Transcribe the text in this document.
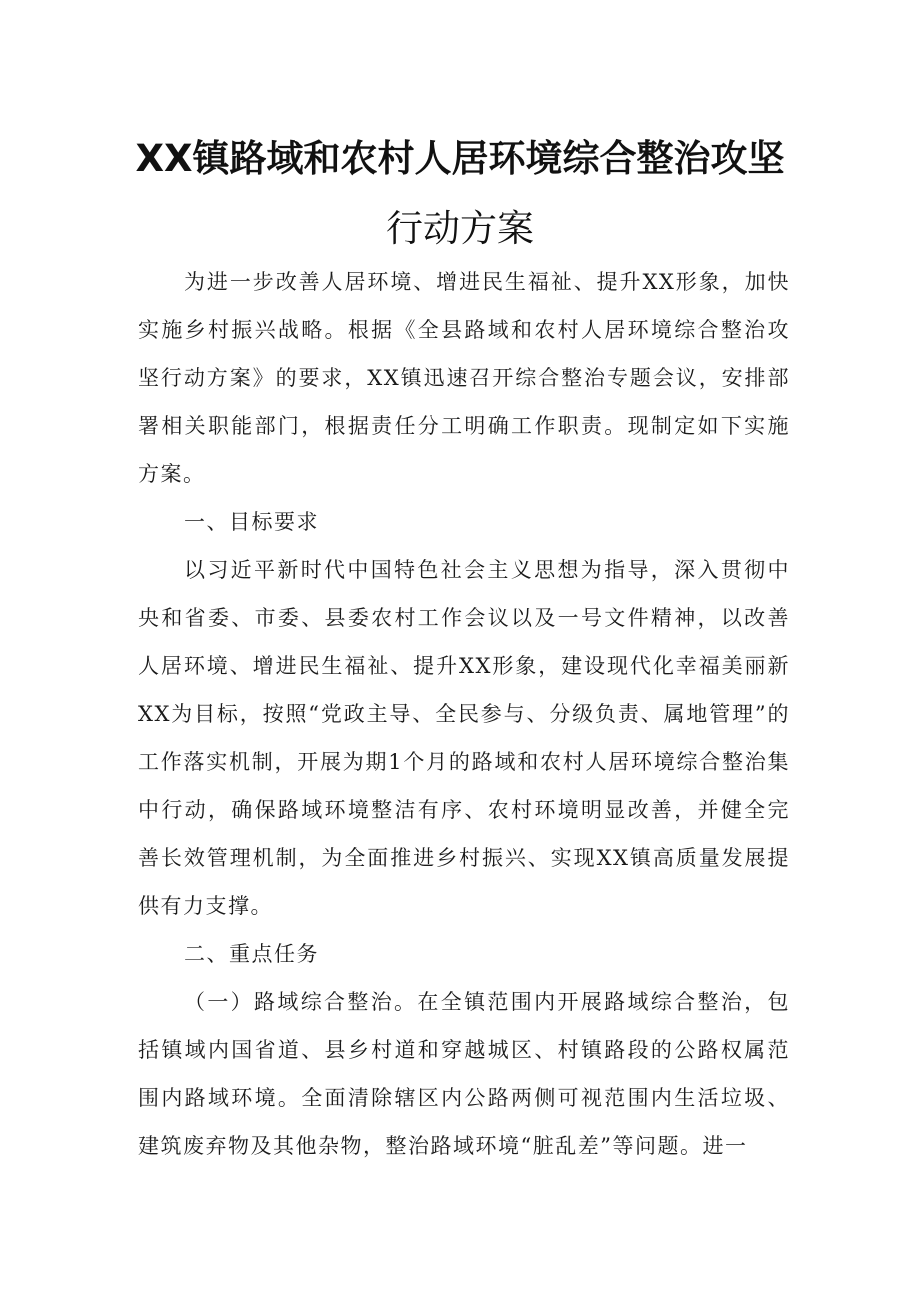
XX镇路域和农村人居环境综合整治攻坚
行动方案

为进一步改善人居环境、增进民生福祉、提升XX形象，加快实施乡村振兴战略。根据《全县路域和农村人居环境综合整治攻坚行动方案》的要求，XX镇迅速召开综合整治专题会议，安排部署相关职能部门，根据责任分工明确工作职责。现制定如下实施方案。

一、目标要求

以习近平新时代中国特色社会主义思想为指导，深入贯彻中央和省委、市委、县委农村工作会议以及一号文件精神，以改善人居环境、增进民生福祉、提升XX形象，建设现代化幸福美丽新XX为目标，按照“党政主导、全民参与、分级负责、属地管理”的工作落实机制，开展为期1个月的路域和农村人居环境综合整治集中行动，确保路域环境整洁有序、农村环境明显改善，并健全完善长效管理机制，为全面推进乡村振兴、实现XX镇高质量发展提供有力支撑。

二、重点任务

（一）路域综合整治。在全镇范围内开展路域综合整治，包括镇域内国省道、县乡村道和穿越城区、村镇路段的公路权属范围内路域环境。全面清除辖区内公路两侧可视范围内生活垃圾、建筑废弃物及其他杂物，整治路域环境“脏乱差”等问题。进一
